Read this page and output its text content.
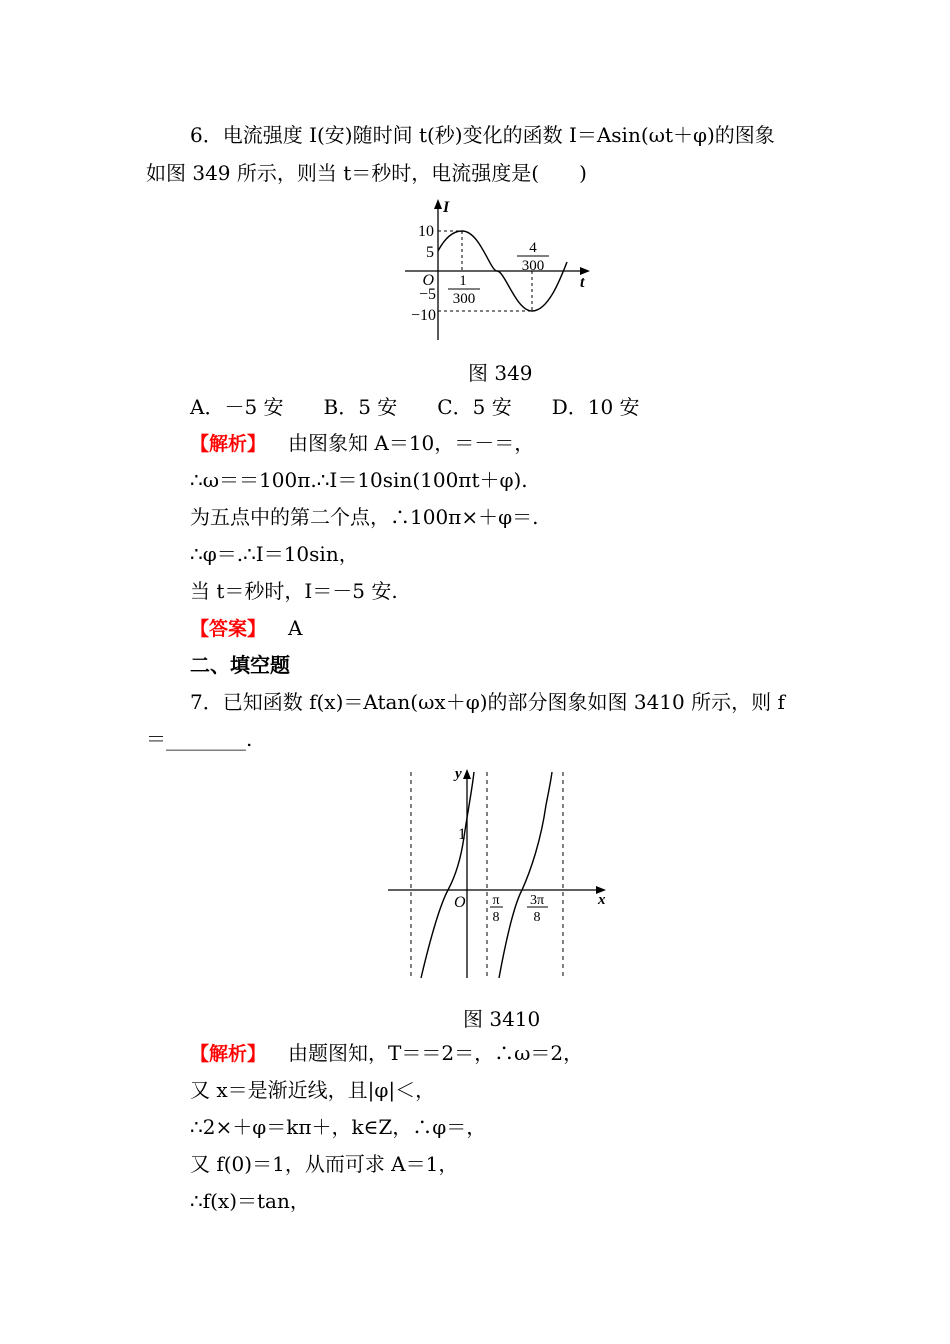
6．电流强度 I(安)随时间 t(秒)变化的函数 I＝Asin(ωt＋φ)的图象
如图 349 所示，则当 t＝秒时，电流强度是(　　)
I
t
10
5
O
−5
−10
1
300
4
300
图 349
A．－5 安　　B．5 安　　C．5 安　　D．10 安
【解析】 由图象知 A＝10，＝－＝，
∴ω＝＝100π.∴I＝10sin(100πt＋φ).
为五点中的第二个点，∴100π×＋φ＝.
∴φ＝.∴I＝10sin，
当 t＝秒时，I＝－5 安.
【答案】 A
二、填空题
7．已知函数 f(x)＝Atan(ωx＋φ)的部分图象如图 3410 所示，则 f
＝________.
y
x
1
O π
8
3π
8
图 3410
【解析】 由题图知，T＝＝2＝，∴ω＝2，
又 x＝是渐近线，且|φ|＜，
∴2×＋φ＝kπ＋，k∈Z，∴φ＝，
又 f(0)＝1，从而可求 A＝1，
∴f(x)＝tan，
